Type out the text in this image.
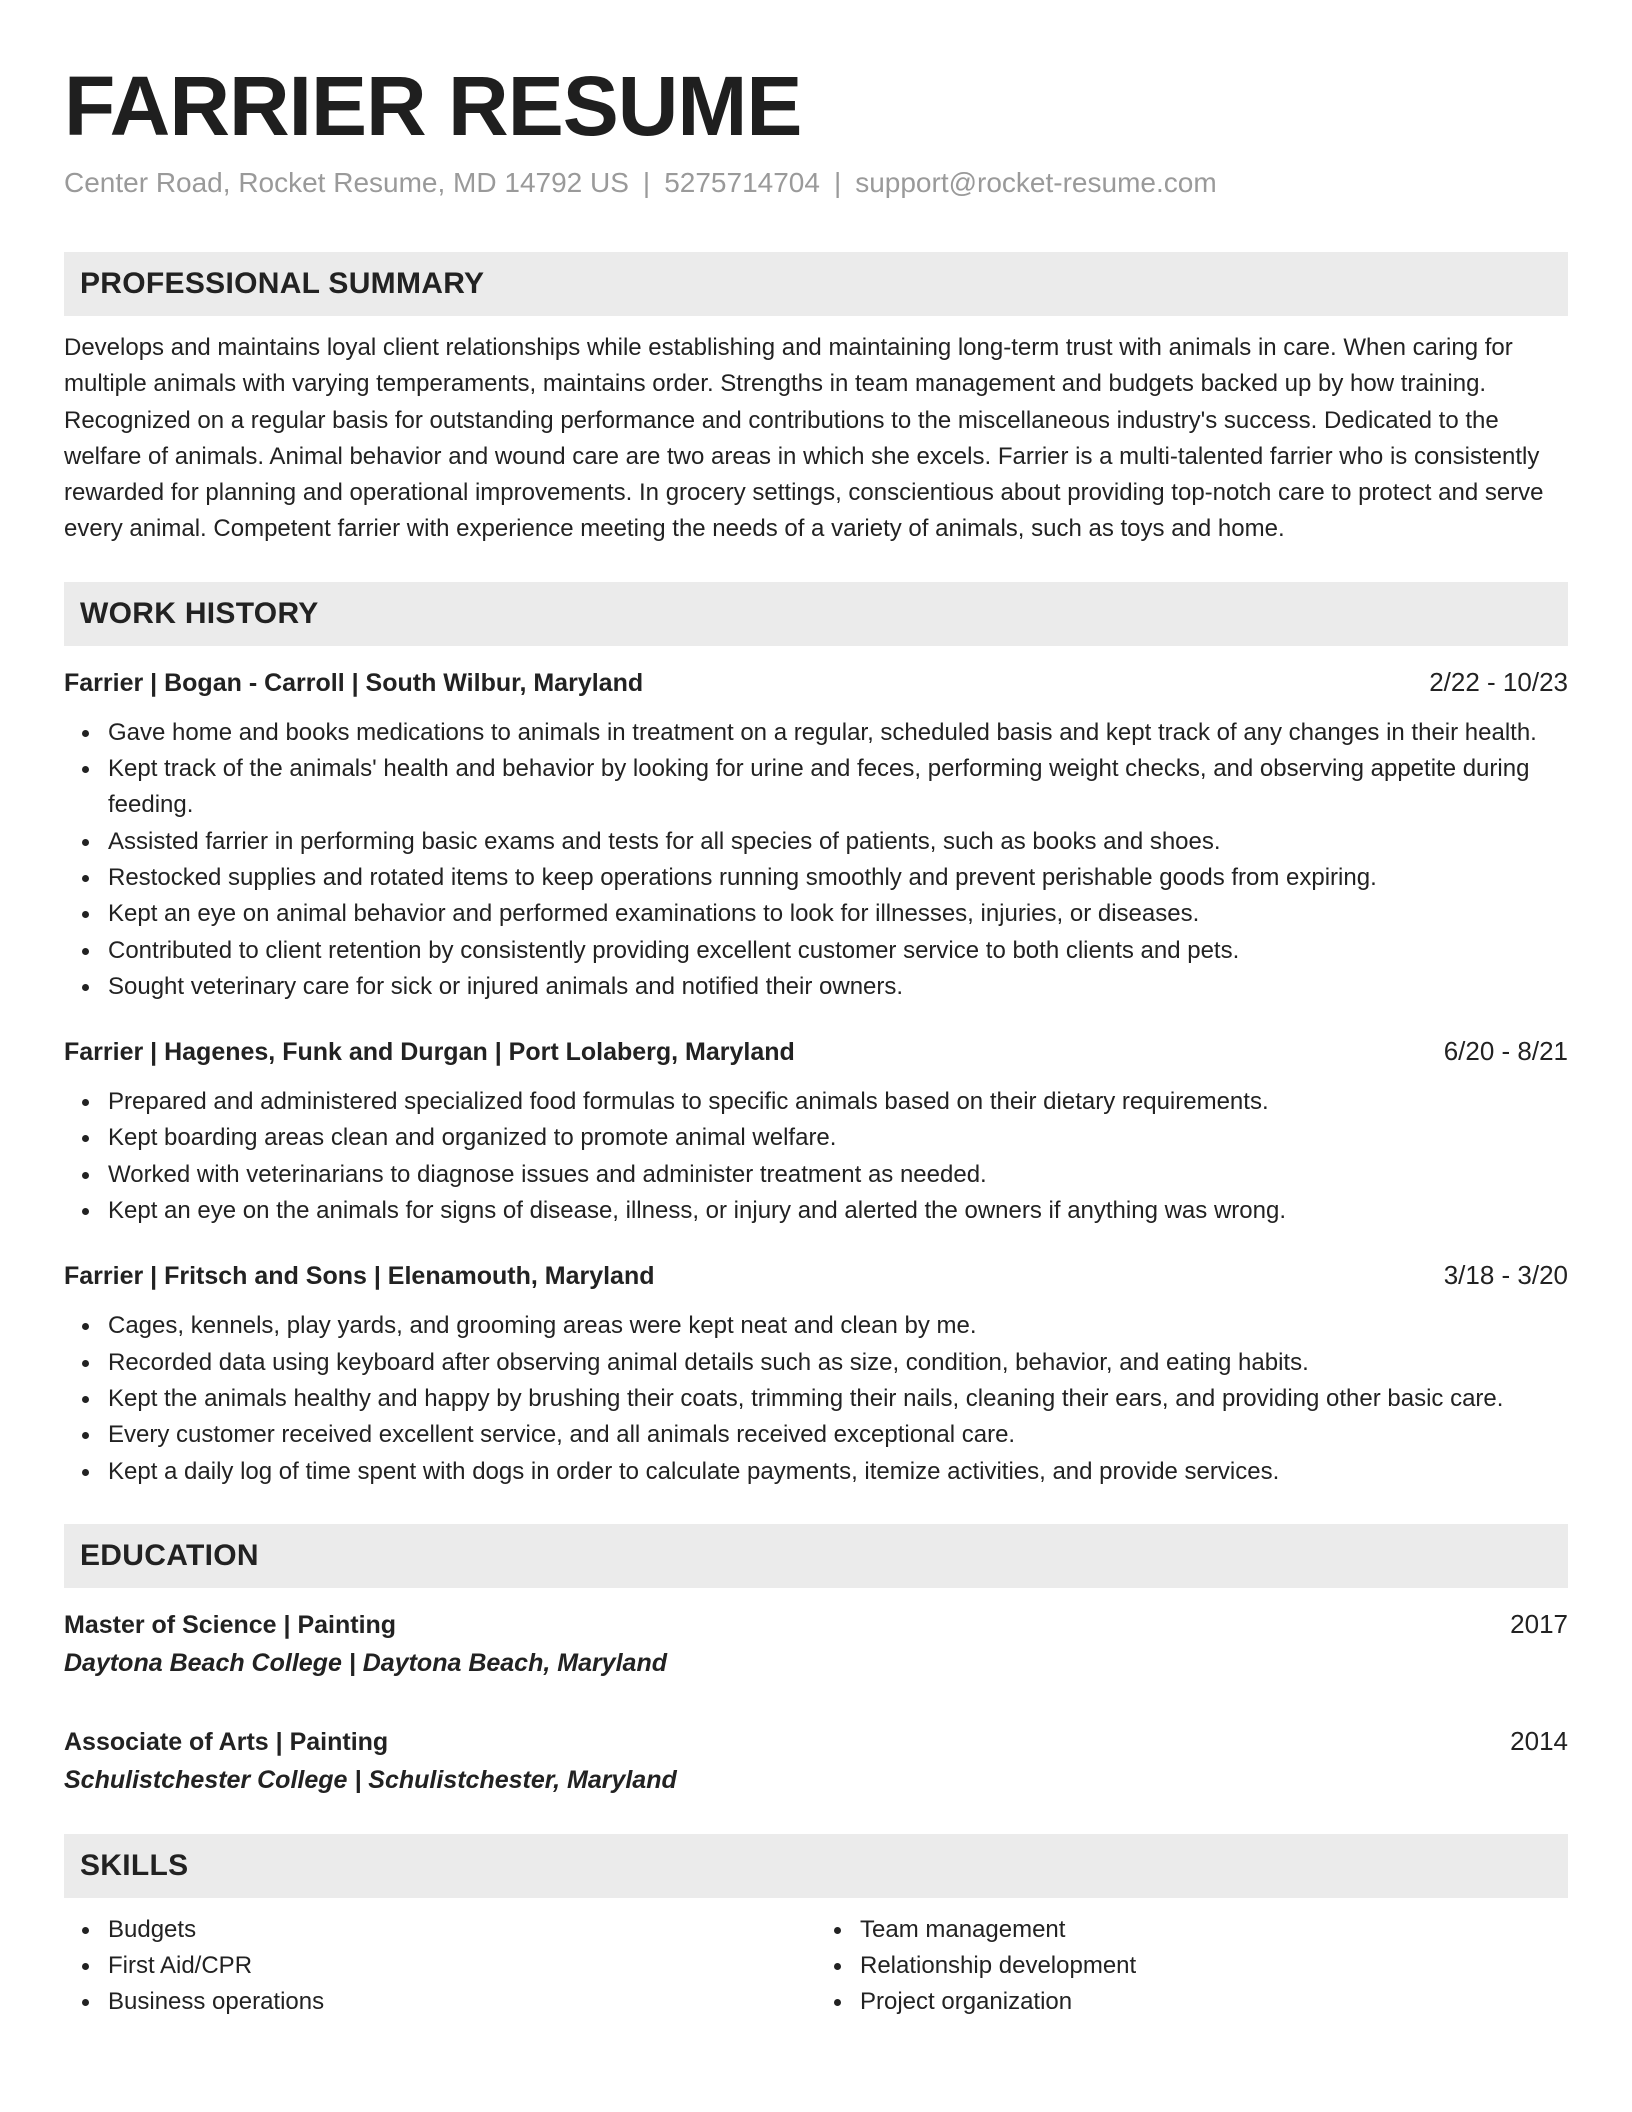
FARRIER RESUME
Center Road, Rocket Resume, MD 14792 US | 5275714704 | support@rocket-resume.com
PROFESSIONAL SUMMARY

Develops and maintains loyal client relationships while establishing and maintaining long-term trust with animals in care. When caring for multiple animals with varying temperaments, maintains order. Strengths in team management and budgets backed up by how training. Recognized on a regular basis for outstanding performance and contributions to the miscellaneous industry's success. Dedicated to the welfare of animals. Animal behavior and wound care are two areas in which she excels. Farrier is a multi-talented farrier who is consistently rewarded for planning and operational improvements. In grocery settings, conscientious about providing top-notch care to protect and serve every animal. Competent farrier with experience meeting the needs of a variety of animals, such as toys and home.

WORK HISTORY
Farrier | Bogan - Carroll | South Wilbur, Maryland	2/22 - 10/23
Gave home and books medications to animals in treatment on a regular, scheduled basis and kept track of any changes in their health.
Kept track of the animals' health and behavior by looking for urine and feces, performing weight checks, and observing appetite during feeding.
Assisted farrier in performing basic exams and tests for all species of patients, such as books and shoes.
Restocked supplies and rotated items to keep operations running smoothly and prevent perishable goods from expiring.
Kept an eye on animal behavior and performed examinations to look for illnesses, injuries, or diseases.
Contributed to client retention by consistently providing excellent customer service to both clients and pets.
Sought veterinary care for sick or injured animals and notified their owners.
Farrier | Hagenes, Funk and Durgan | Port Lolaberg, Maryland	6/20 - 8/21
Prepared and administered specialized food formulas to specific animals based on their dietary requirements.
Kept boarding areas clean and organized to promote animal welfare.
Worked with veterinarians to diagnose issues and administer treatment as needed.
Kept an eye on the animals for signs of disease, illness, or injury and alerted the owners if anything was wrong.
Farrier | Fritsch and Sons | Elenamouth, Maryland	3/18 - 3/20
Cages, kennels, play yards, and grooming areas were kept neat and clean by me.
Recorded data using keyboard after observing animal details such as size, condition, behavior, and eating habits.
Kept the animals healthy and happy by brushing their coats, trimming their nails, cleaning their ears, and providing other basic care.
Every customer received excellent service, and all animals received exceptional care.
Kept a daily log of time spent with dogs in order to calculate payments, itemize activities, and provide services.
EDUCATION
Master of Science | Painting	2017
Daytona Beach College | Daytona Beach, Maryland
Associate of Arts | Painting	2014
Schulistchester College | Schulistchester, Maryland
SKILLS
Budgets
First Aid/CPR
Business operations
Team management
Relationship development
Project organization
